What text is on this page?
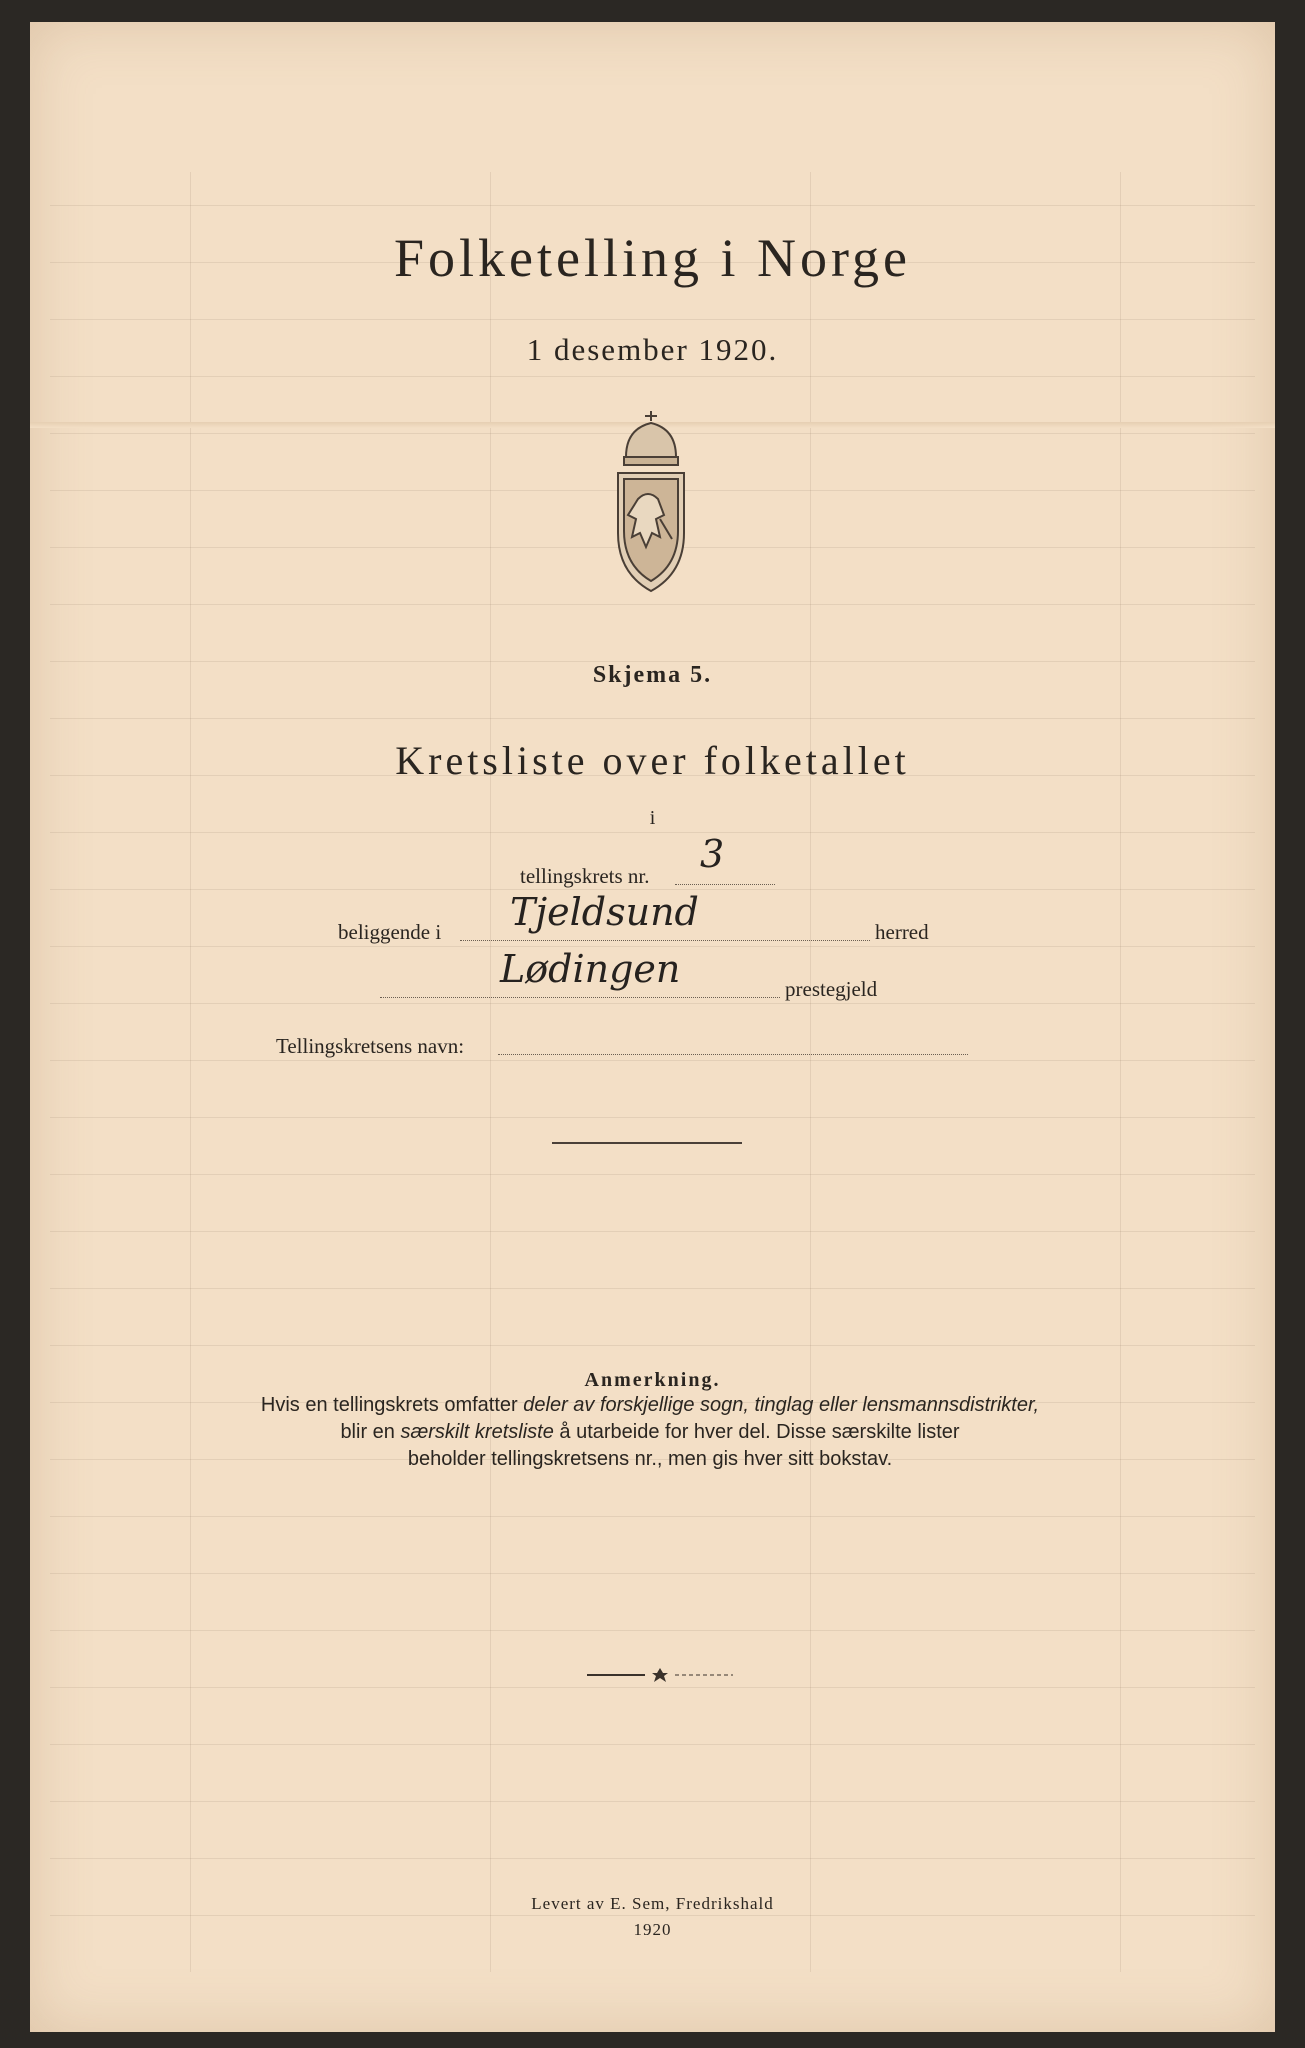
Folketelling i Norge
1 desember 1920.
Skjema 5.
Kretsliste over folketallet
i
tellingskrets nr. 3
beliggende i Tjeldsund	herred
Lødingen	prestegjeld
Tellingskretsens navn:
Anmerkning.
Hvis en tellingskrets omfatter deler av forskjellige sogn, tinglag eller lensmannsdistrikter,
blir en særskilt kretsliste å utarbeide for hver del. Disse særskilte lister
beholder tellingskretsens nr., men gis hver sitt bokstav.
Levert av E. Sem, Fredrikshald
1920
